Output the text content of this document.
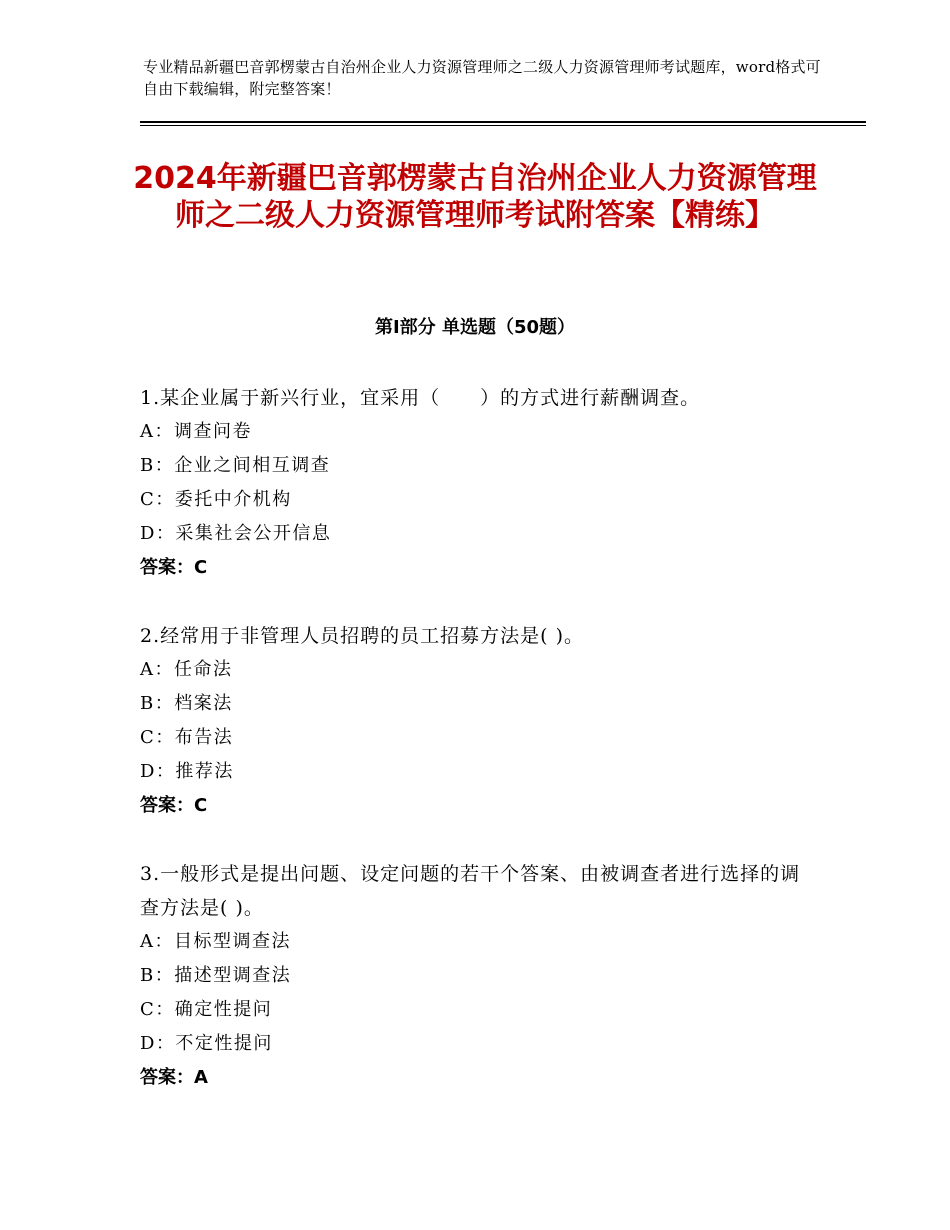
专业精品新疆巴音郭楞蒙古自治州企业人力资源管理师之二级人力资源管理师考试题库，word格式可自由下载编辑，附完整答案！
2024年新疆巴音郭楞蒙古自治州企业人力资源管理师之二级人力资源管理师考试附答案【精练】
第Ⅰ部分 单选题（50题）
1.某企业属于新兴行业，宜采用（　　）的方式进行薪酬调查。
A：调查问卷
B：企业之间相互调查
C：委托中介机构
D：采集社会公开信息
答案：C
2.经常用于非管理人员招聘的员工招募方法是( )。
A：任命法
B：档案法
C：布告法
D：推荐法
答案：C
3.一般形式是提出问题、设定问题的若干个答案、由被调查者进行选择的调查方法是( )。
A：目标型调查法
B：描述型调查法
C：确定性提问
D：不定性提问
答案：A
